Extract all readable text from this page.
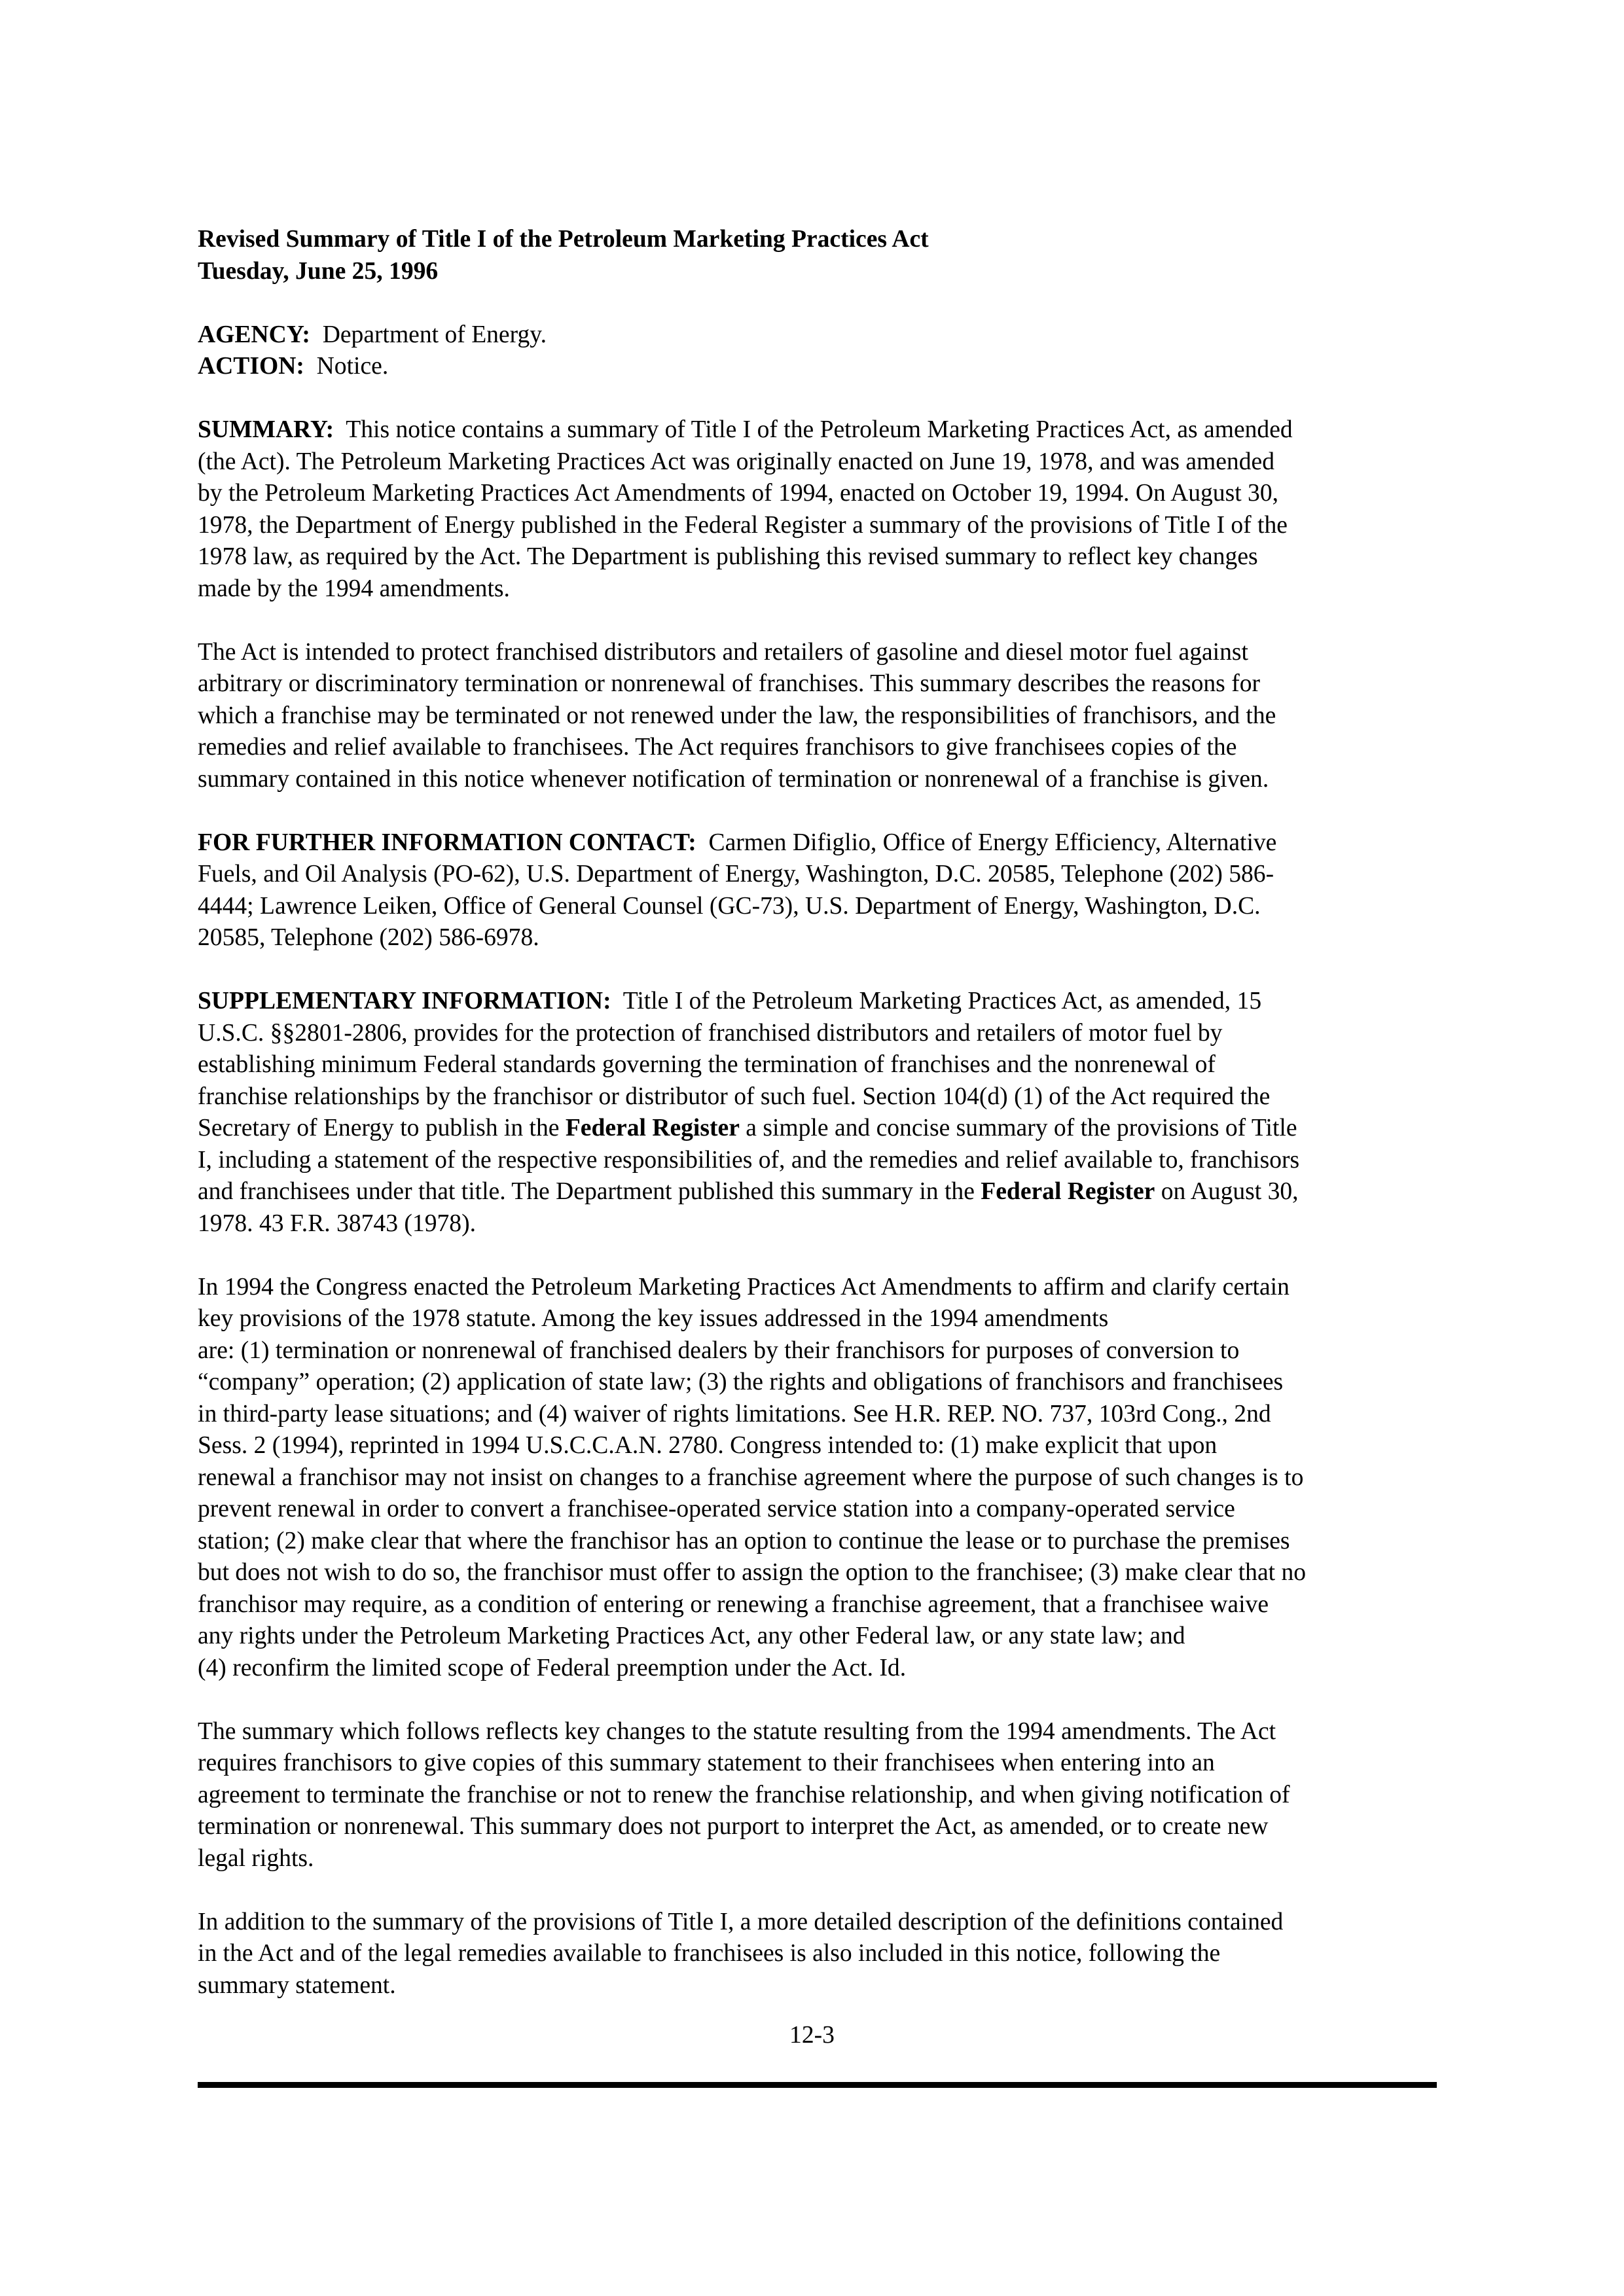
Revised Summary of Title I of the Petroleum Marketing Practices Act
Tuesday, June 25, 1996
AGENCY: Department of Energy.
ACTION: Notice.
SUMMARY: This notice contains a summary of Title I of the Petroleum Marketing Practices Act, as amended
(the Act). The Petroleum Marketing Practices Act was originally enacted on June 19, 1978, and was amended
by the Petroleum Marketing Practices Act Amendments of 1994, enacted on October 19, 1994. On August 30,
1978, the Department of Energy published in the Federal Register a summary of the provisions of Title I of the
1978 law, as required by the Act. The Department is publishing this revised summary to reflect key changes
made by the 1994 amendments.
The Act is intended to protect franchised distributors and retailers of gasoline and diesel motor fuel against
arbitrary or discriminatory termination or nonrenewal of franchises. This summary describes the reasons for
which a franchise may be terminated or not renewed under the law, the responsibilities of franchisors, and the
remedies and relief available to franchisees. The Act requires franchisors to give franchisees copies of the
summary contained in this notice whenever notification of termination or nonrenewal of a franchise is given.
FOR FURTHER INFORMATION CONTACT: Carmen Difiglio, Office of Energy Efficiency, Alternative
Fuels, and Oil Analysis (PO-62), U.S. Department of Energy, Washington, D.C. 20585, Telephone (202) 586-
4444; Lawrence Leiken, Office of General Counsel (GC-73), U.S. Department of Energy, Washington, D.C.
20585, Telephone (202) 586-6978.
SUPPLEMENTARY INFORMATION: Title I of the Petroleum Marketing Practices Act, as amended, 15
U.S.C. §§2801-2806, provides for the protection of franchised distributors and retailers of motor fuel by
establishing minimum Federal standards governing the termination of franchises and the nonrenewal of
franchise relationships by the franchisor or distributor of such fuel. Section 104(d) (1) of the Act required the
Secretary of Energy to publish in the Federal Register a simple and concise summary of the provisions of Title
I, including a statement of the respective responsibilities of, and the remedies and relief available to, franchisors
and franchisees under that title. The Department published this summary in the Federal Register on August 30,
1978. 43 F.R. 38743 (1978).
In 1994 the Congress enacted the Petroleum Marketing Practices Act Amendments to affirm and clarify certain
key provisions of the 1978 statute. Among the key issues addressed in the 1994 amendments
are: (1) termination or nonrenewal of franchised dealers by their franchisors for purposes of conversion to
“company” operation; (2) application of state law; (3) the rights and obligations of franchisors and franchisees
in third-party lease situations; and (4) waiver of rights limitations. See H.R. REP. NO. 737, 103rd Cong., 2nd
Sess. 2 (1994), reprinted in 1994 U.S.C.C.A.N. 2780. Congress intended to: (1) make explicit that upon
renewal a franchisor may not insist on changes to a franchise agreement where the purpose of such changes is to
prevent renewal in order to convert a franchisee-operated service station into a company-operated service
station; (2) make clear that where the franchisor has an option to continue the lease or to purchase the premises
but does not wish to do so, the franchisor must offer to assign the option to the franchisee; (3) make clear that no
franchisor may require, as a condition of entering or renewing a franchise agreement, that a franchisee waive
any rights under the Petroleum Marketing Practices Act, any other Federal law, or any state law; and
(4) reconfirm the limited scope of Federal preemption under the Act. Id.
The summary which follows reflects key changes to the statute resulting from the 1994 amendments. The Act
requires franchisors to give copies of this summary statement to their franchisees when entering into an
agreement to terminate the franchise or not to renew the franchise relationship, and when giving notification of
termination or nonrenewal. This summary does not purport to interpret the Act, as amended, or to create new
legal rights.
In addition to the summary of the provisions of Title I, a more detailed description of the definitions contained
in the Act and of the legal remedies available to franchisees is also included in this notice, following the
summary statement.
12-3
